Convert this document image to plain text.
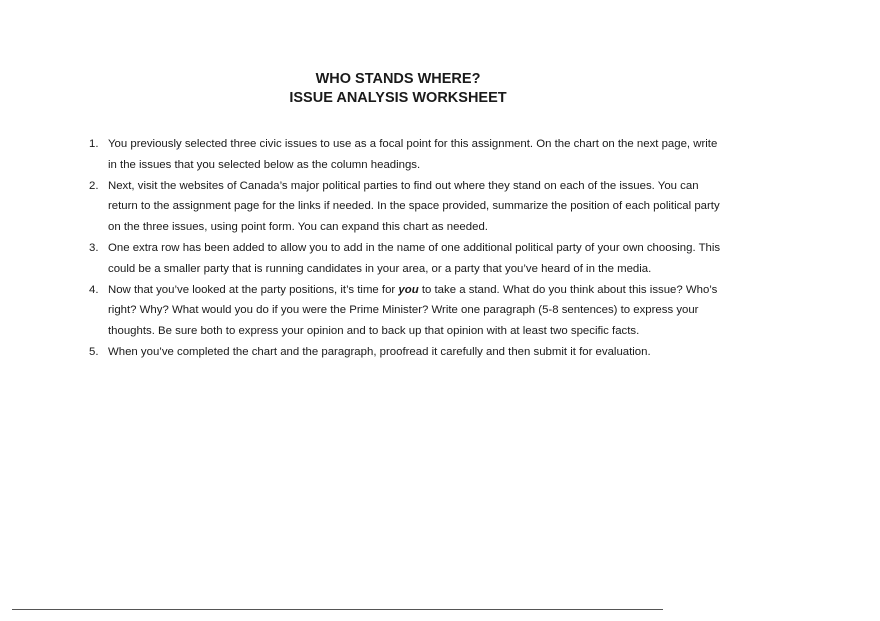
WHO STANDS WHERE?
ISSUE ANALYSIS WORKSHEET
1. You previously selected three civic issues to use as a focal point for this assignment. On the chart on the next page, write in the issues that you selected below as the column headings.
2. Next, visit the websites of Canada’s major political parties to find out where they stand on each of the issues. You can return to the assignment page for the links if needed. In the space provided, summarize the position of each political party on the three issues, using point form. You can expand this chart as needed.
3. One extra row has been added to allow you to add in the name of one additional political party of your own choosing. This could be a smaller party that is running candidates in your area, or a party that you’ve heard of in the media.
4. Now that you’ve looked at the party positions, it’s time for you to take a stand. What do you think about this issue? Who’s right? Why? What would you do if you were the Prime Minister? Write one paragraph (5-8 sentences) to express your thoughts. Be sure both to express your opinion and to back up that opinion with at least two specific facts.
5. When you’ve completed the chart and the paragraph, proofread it carefully and then submit it for evaluation.
